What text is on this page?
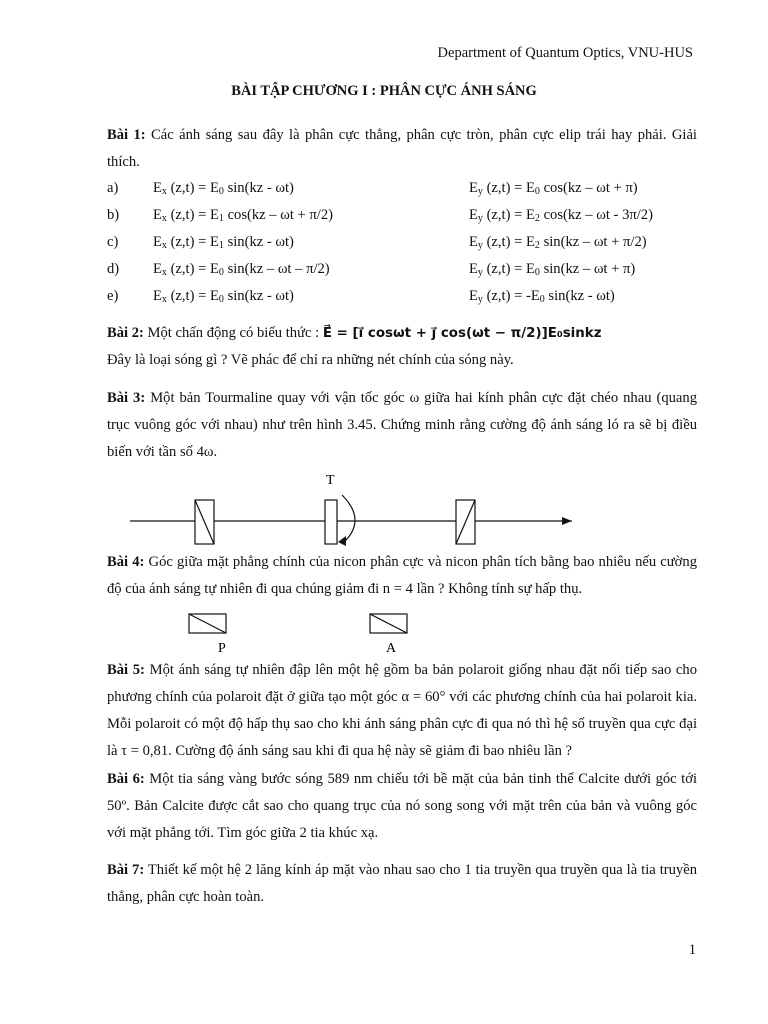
Department of Quantum Optics, VNU-HUS
BÀI TẬP CHƯƠNG I : PHÂN CỰC ÁNH SÁNG
Bài 1: Các ánh sáng sau đây là phân cực thẳng, phân cực tròn, phân cực elip trái hay phải. Giải thích.
a) $E_x$ $(z,t) = E_0$ sin(kz - ωt)	$E_y$ $(z,t) = E_0$ cos(kz – ωt + π)
b) $E_x$ $(z,t) = E_1$ cos(kz – ωt + π/2)	$E_y$ $(z,t) = E_2$ cos(kz – ωt - 3π/2)
c) $E_x$ $(z,t) = E_1$ sin(kz - ωt)	$E_y$ $(z,t) = E_2$ sin(kz – ωt + π/2)
d) $E_x$ $(z,t) = E_0$ sin(kz – ωt – π/2)	$E_y$ $(z,t) = E_0$ sin(kz – ωt + π)
e) $E_x$ $(z,t) = E_0$ sin(kz - ωt)	$E_y$ $(z,t) = -E_0$ sin(kz - ωt)
Bài 2: Một chấn động có biểu thức : E⃗ = [i⃗ cosωt + j⃗ cos(ωt − π/2)]E₀sinkz
Đây là loại sóng gì ? Vẽ phác để chỉ ra những nét chính của sóng này.
Bài 3: Một bản Tourmaline quay với vận tốc góc ω giữa hai kính phân cực đặt chéo nhau (quang trục vuông góc với nhau) như trên hình 3.45. Chứng minh rằng cường độ ánh sáng ló ra sẽ bị điều biến với tần số 4ω.
T
Bài 4: Góc giữa mặt phẳng chính của nicon phân cực và nicon phân tích bằng bao nhiêu nếu cường độ của ánh sáng tự nhiên đi qua chúng giảm đi n = 4 lần ? Không tính sự hấp thụ.
P	A
Bài 5: Một ánh sáng tự nhiên đập lên một hệ gồm ba bản polaroit giống nhau đặt nối tiếp sao cho phương chính của polaroit đặt ở giữa tạo một góc α = 60° với các phương chính của hai polaroit kia. Mỗi polaroit có một độ hấp thụ sao cho khi ánh sáng phân cực đi qua nó thì hệ số truyền qua cực đại là τ = 0,81. Cường độ ánh sáng sau khi đi qua hệ này sẽ giảm đi bao nhiêu lần ?
Bài 6: Một tia sáng vàng bước sóng 589 nm chiếu tới bề mặt của bản tinh thể Calcite dưới góc tới 50º. Bản Calcite được cắt sao cho quang trục của nó song song với mặt trên của bản và vuông góc với mặt phẳng tới. Tìm góc giữa 2 tia khúc xạ.
Bài 7: Thiết kế một hệ 2 lăng kính áp mặt vào nhau sao cho 1 tia truyền qua truyền qua là tia truyền thẳng, phân cực hoàn toàn.
1
